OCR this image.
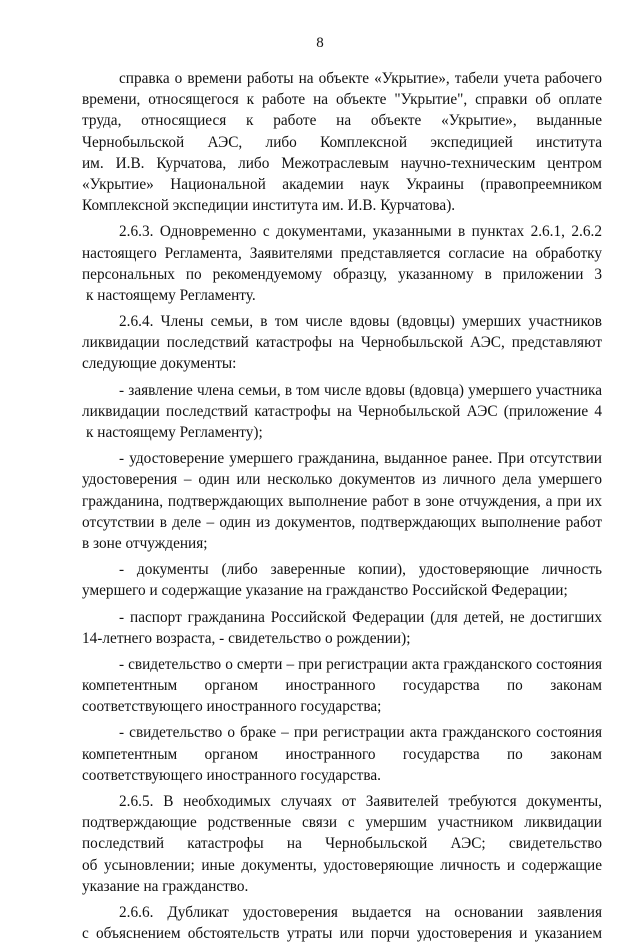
8

справка о времени работы на объекте «Укрытие», табели учета рабочего
времени, относящегося к работе на объекте "Укрытие", справки об оплате
труда, относящиеся к работе на объекте «Укрытие», выданные
Чернобыльской АЭС, либо Комплексной экспедицией института
им. И.В. Курчатова, либо Межотраслевым научно-техническим центром
«Укрытие» Национальной академии наук Украины (правопреемником
Комплексной экспедиции института им. И.В. Курчатова).

2.6.3. Одновременно с документами, указанными в пунктах 2.6.1, 2.6.2
настоящего Регламента, Заявителями представляется согласие на обработку
персональных по рекомендуемому образцу, указанному в приложении 3
к настоящему Регламенту.

2.6.4. Члены семьи, в том числе вдовы (вдовцы) умерших участников
ликвидации последствий катастрофы на Чернобыльской АЭС, представляют
следующие документы:

- заявление члена семьи, в том числе вдовы (вдовца) умершего участника
ликвидации последствий катастрофы на Чернобыльской АЭС (приложение 4
к настоящему Регламенту);

- удостоверение умершего гражданина, выданное ранее. При отсутствии
удостоверения – один или несколько документов из личного дела умершего
гражданина, подтверждающих выполнение работ в зоне отчуждения, а при их
отсутствии в деле – один из документов, подтверждающих выполнение работ
в зоне отчуждения;

- документы (либо заверенные копии), удостоверяющие личность
умершего и содержащие указание на гражданство Российской Федерации;

- паспорт гражданина Российской Федерации (для детей, не достигших
14-летнего возраста, - свидетельство о рождении);

- свидетельство о смерти – при регистрации акта гражданского состояния
компетентным органом иностранного государства по законам
соответствующего иностранного государства;

- свидетельство о браке – при регистрации акта гражданского состояния
компетентным органом иностранного государства по законам
соответствующего иностранного государства.

2.6.5. В необходимых случаях от Заявителей требуются документы,
подтверждающие родственные связи с умершим участником ликвидации
последствий катастрофы на Чернобыльской АЭС; свидетельство
об усыновлении; иные документы, удостоверяющие личность и содержащие
указание на гражданство.

2.6.6. Дубликат удостоверения выдается на основании заявления
с объяснением обстоятельств утраты или порчи удостоверения и указанием
